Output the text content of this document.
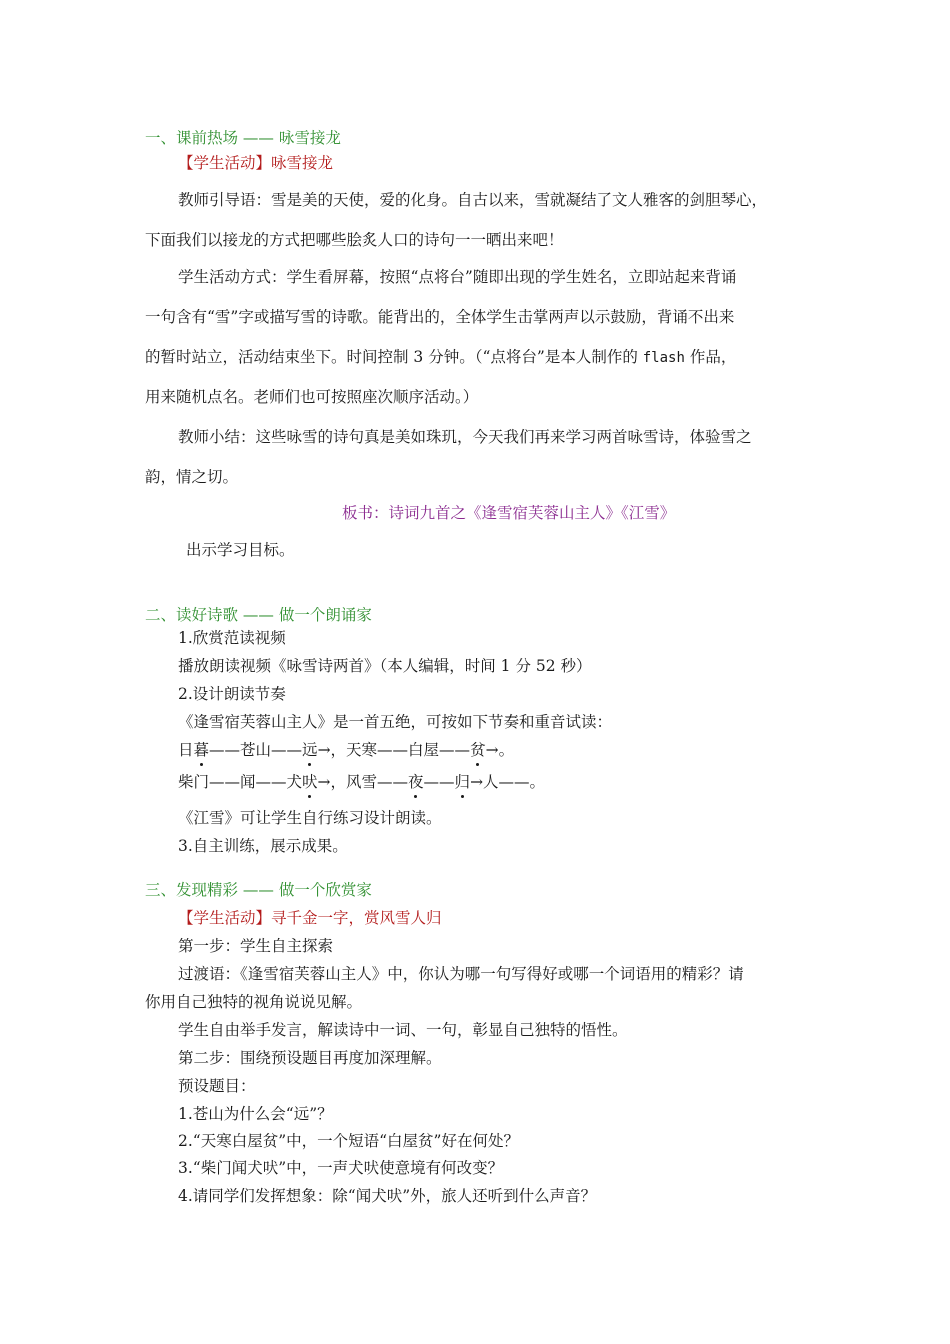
一、课前热场 —— 咏雪接龙
【学生活动】咏雪接龙
教师引导语：雪是美的天使，爱的化身。自古以来，雪就凝结了文人雅客的剑胆琴心，
下面我们以接龙的方式把哪些脍炙人口的诗句一一晒出来吧！
学生活动方式：学生看屏幕，按照“点将台”随即出现的学生姓名，立即站起来背诵
一句含有“雪”字或描写雪的诗歌。能背出的，全体学生击掌两声以示鼓励，背诵不出来
的暂时站立，活动结束坐下。时间控制 3 分钟。（“点将台”是本人制作的 flash 作品，
用来随机点名。老师们也可按照座次顺序活动。）
教师小结：这些咏雪的诗句真是美如珠玑，今天我们再来学习两首咏雪诗，体验雪之
韵，情之切。
板书：诗词九首之《逢雪宿芙蓉山主人》《江雪》
出示学习目标。
二、读好诗歌 —— 做一个朗诵家
1.欣赏范读视频
播放朗读视频《咏雪诗两首》（本人编辑，时间 1 分 52 秒）
2.设计朗读节奏
《逢雪宿芙蓉山主人》是一首五绝，可按如下节奏和重音试读：
日暮——苍山——远→，天寒——白屋——贫→。
柴门——闻——犬吠→，风雪——夜——归→人——。
《江雪》可让学生自行练习设计朗读。
3.自主训练，展示成果。
三、发现精彩 —— 做一个欣赏家
【学生活动】寻千金一字，赏风雪人归
第一步：学生自主探索
过渡语：《逢雪宿芙蓉山主人》中，你认为哪一句写得好或哪一个词语用的精彩？请
你用自己独特的视角说说见解。
学生自由举手发言，解读诗中一词、一句，彰显自己独特的悟性。
第二步：围绕预设题目再度加深理解。
预设题目：
1.苍山为什么会“远”？
2.“天寒白屋贫”中，一个短语“白屋贫”好在何处？
3.“柴门闻犬吠”中，一声犬吠使意境有何改变？
4.请同学们发挥想象：除“闻犬吠”外，旅人还听到什么声音？
